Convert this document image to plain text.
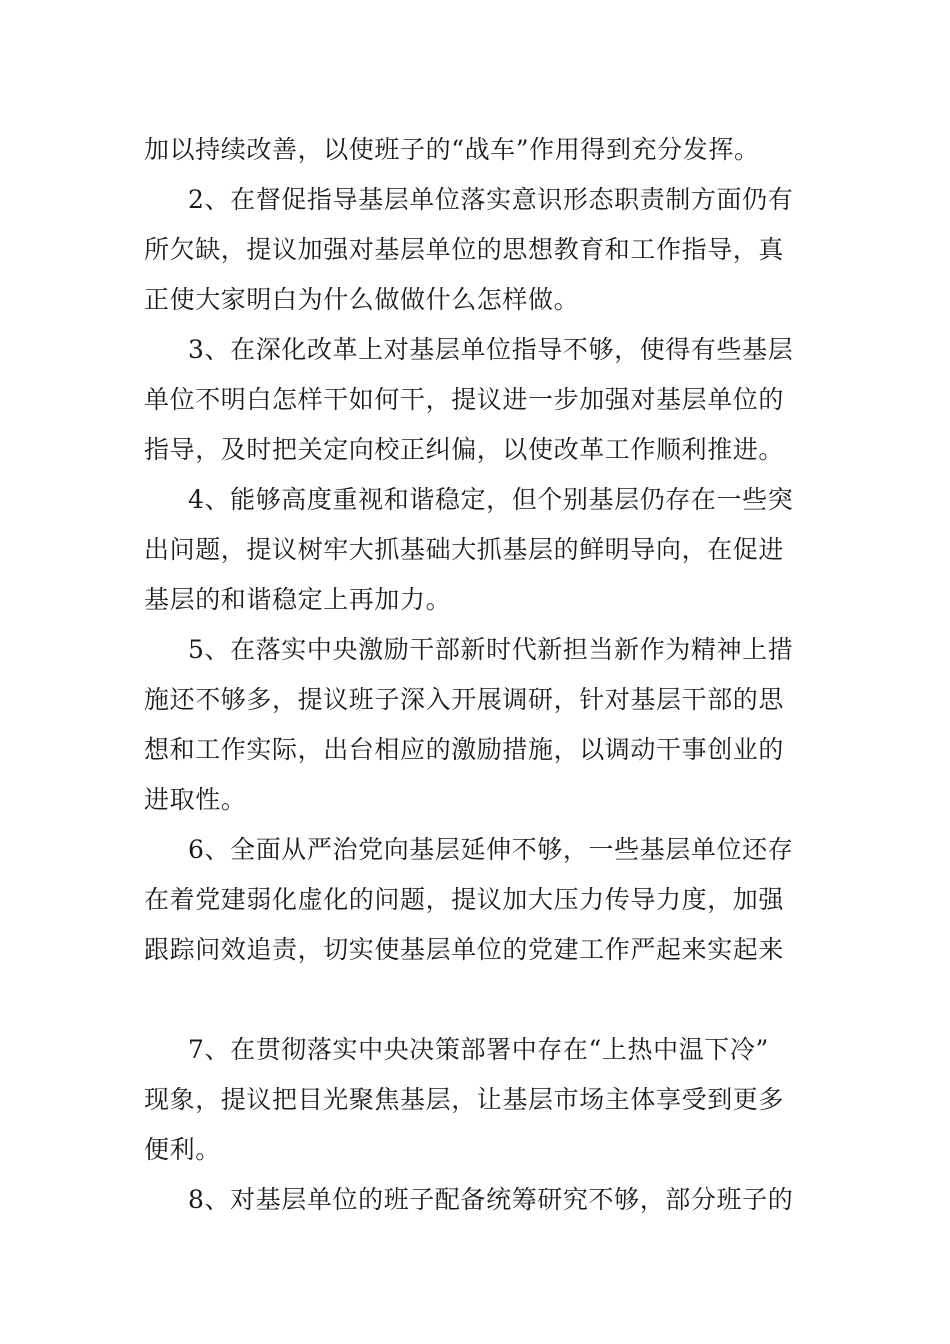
加以持续改善，以使班子的“战车”作用得到充分发挥。
2、在督促指导基层单位落实意识形态职责制方面仍有
所欠缺，提议加强对基层单位的思想教育和工作指导，真
正使大家明白为什么做做什么怎样做。
3、在深化改革上对基层单位指导不够，使得有些基层
单位不明白怎样干如何干，提议进一步加强对基层单位的
指导，及时把关定向校正纠偏，以使改革工作顺利推进。
4、能够高度重视和谐稳定，但个别基层仍存在一些突
出问题，提议树牢大抓基础大抓基层的鲜明导向，在促进
基层的和谐稳定上再加力。
5、在落实中央激励干部新时代新担当新作为精神上措
施还不够多，提议班子深入开展调研，针对基层干部的思
想和工作实际，出台相应的激励措施，以调动干事创业的
进取性。
6、全面从严治党向基层延伸不够，一些基层单位还存
在着党建弱化虚化的问题，提议加大压力传导力度，加强
跟踪问效追责，切实使基层单位的党建工作严起来实起来
7、在贯彻落实中央决策部署中存在“上热中温下冷”
现象，提议把目光聚焦基层，让基层市场主体享受到更多
便利。
8、对基层单位的班子配备统筹研究不够，部分班子的
